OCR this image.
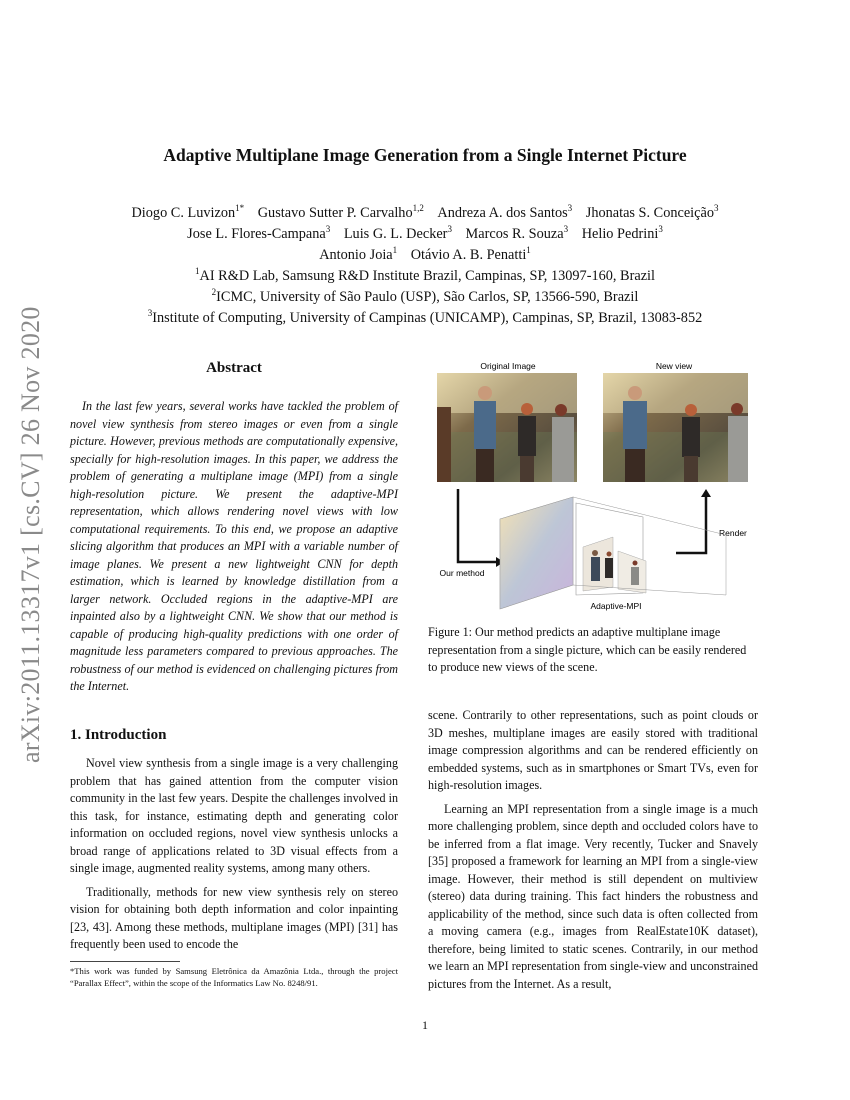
arXiv:2011.13317v1 [cs.CV] 26 Nov 2020
Adaptive Multiplane Image Generation from a Single Internet Picture
Diogo C. Luvizon$^{1*}$ Gustavo Sutter P. Carvalho$^{1,2}$ Andreza A. dos Santos$^3$ Jhonatas S. Conceição$^3$
Jose L. Flores-Campana$^3$ Luis G. L. Decker$^3$ Marcos R. Souza$^3$ Helio Pedrini$^3$
Antonio Joia$^1$ Otávio A. B. Penatti$^1$
$^1$AI R&D Lab, Samsung R&D Institute Brazil, Campinas, SP, 13097-160, Brazil
$^2$ICMC, University of São Paulo (USP), São Carlos, SP, 13566-590, Brazil
$^3$Institute of Computing, University of Campinas (UNICAMP), Campinas, SP, Brazil, 13083-852
Abstract
In the last few years, several works have tackled the problem of novel view synthesis from stereo images or even from a single picture. However, previous methods are computationally expensive, specially for high-resolution images. In this paper, we address the problem of generating a multiplane image (MPI) from a single high-resolution picture. We present the adaptive-MPI representation, which allows rendering novel views with low computational requirements. To this end, we propose an adaptive slicing algorithm that produces an MPI with a variable number of image planes. We present a new lightweight CNN for depth estimation, which is learned by knowledge distillation from a larger network. Occluded regions in the adaptive-MPI are inpainted also by a lightweight CNN. We show that our method is capable of producing high-quality predictions with one order of magnitude less parameters compared to previous approaches. The robustness of our method is evidenced on challenging pictures from the Internet.
1. Introduction

Novel view synthesis from a single image is a very challenging problem that has gained attention from the computer vision community in the last few years. Despite the challenges involved in this task, for instance, estimating depth and generating color information on occluded regions, novel view synthesis unlocks a broad range of applications related to 3D visual effects from a single image, augmented reality systems, among many others.

Traditionally, methods for new view synthesis rely on stereo vision for obtaining both depth information and color inpainting [23, 43]. Among these methods, multiplane images (MPI) [31] has frequently been used to encode the

*This work was funded by Samsung Eletrônica da Amazônia Ltda., through the project “Parallax Effect”, within the scope of the Informatics Law No. 8248/91.
Original Image	New view
Our method
Render
Adaptive-MPI
Figure 1: Our method predicts an adaptive multiplane image representation from a single picture, which can be easily rendered to produce new views of the scene.

scene. Contrarily to other representations, such as point clouds or 3D meshes, multiplane images are easily stored with traditional image compression algorithms and can be rendered efficiently on embedded systems, such as in smartphones or Smart TVs, even for high-resolution images.

Learning an MPI representation from a single image is a much more challenging problem, since depth and occluded colors have to be inferred from a flat image. Very recently, Tucker and Snavely [35] proposed a framework for learning an MPI from a single-view image. However, their method is still dependent on multiview (stereo) data during training. This fact hinders the robustness and applicability of the method, since such data is often collected from a moving camera (e.g., images from RealEstate10K dataset), therefore, being limited to static scenes. Contrarily, in our method we learn an MPI representation from single-view and unconstrained pictures from the Internet. As a result,

1
